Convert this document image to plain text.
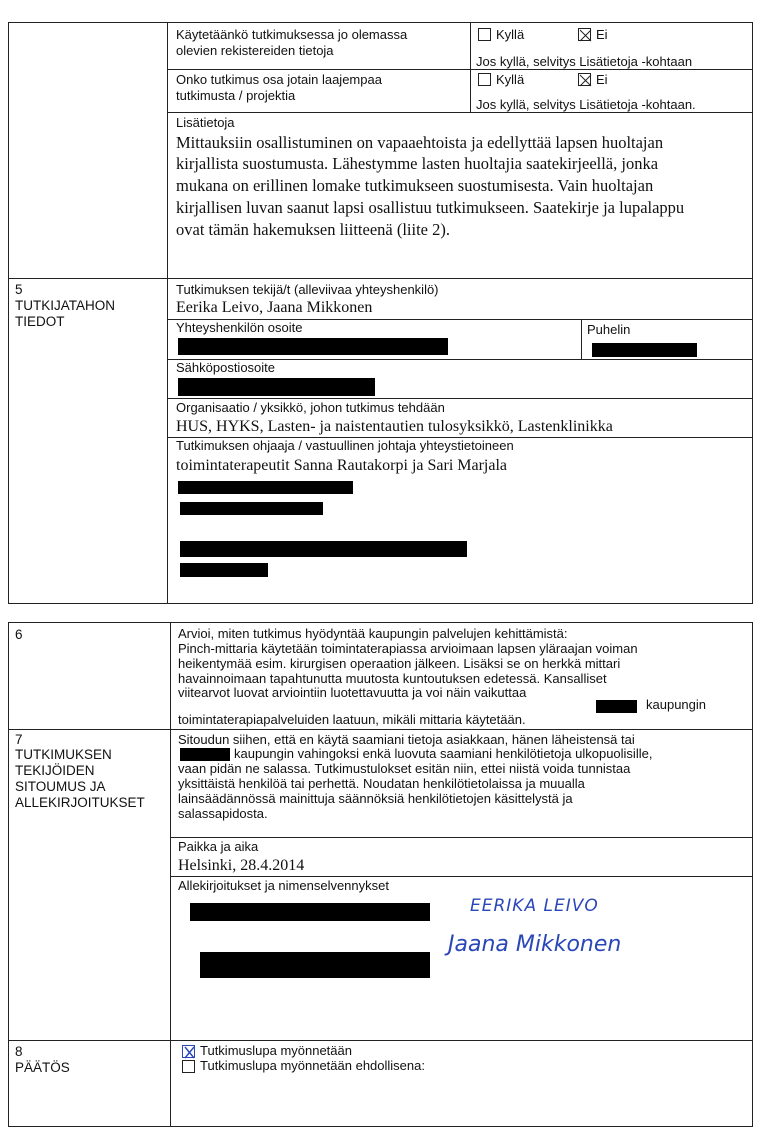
Käytetäänkö tutkimuksessa jo olemassa
olevien rekistereiden tietoja
Kyllä	Ei
Jos kyllä, selvitys Lisätietoja -kohtaan
Onko tutkimus osa jotain laajempaa
tutkimusta / projektia
Kyllä	Ei
Jos kyllä, selvitys Lisätietoja -kohtaan.
Lisätietoja
Mittauksiin osallistuminen on vapaaehtoista ja edellyttää lapsen huoltajan
kirjallista suostumusta. Lähestymme lasten huoltajia saatekirjeellä, jonka
mukana on erillinen lomake tutkimukseen suostumisesta. Vain huoltajan
kirjallisen luvan saanut lapsi osallistuu tutkimukseen. Saatekirje ja lupalappu
ovat tämän hakemuksen liitteenä (liite 2).
5
TUTKIJATAHON
TIEDOT
Tutkimuksen tekijä/t (alleviivaa yhteyshenkilö)
Eerika Leivo, Jaana Mikkonen
Yhteyshenkilön osoite	Puhelin
Sähköpostiosoite
Organisaatio / yksikkö, johon tutkimus tehdään
HUS, HYKS, Lasten- ja naistentautien tulosyksikkö, Lastenklinikka
Tutkimuksen ohjaaja / vastuullinen johtaja yhteystietoineen
toimintaterapeutit Sanna Rautakorpi ja Sari Marjala
6	Arvioi, miten tutkimus hyödyntää kaupungin palvelujen kehittämistä:
Pinch-mittaria käytetään toimintaterapiassa arvioimaan lapsen yläraajan voiman
heikentymää esim. kirurgisen operaation jälkeen. Lisäksi se on herkkä mittari
havainnoimaan tapahtunutta muutosta kuntoutuksen edetessä. Kansalliset
viitearvot luovat arviointiin luotettavuutta ja voi näin vaikuttaa
kaupungin
toimintaterapiapalveluiden laatuun, mikäli mittaria käytetään.
7
TUTKIMUKSEN
TEKIJÖIDEN
SITOUMUS JA
ALLEKIRJOITUKSET
Sitoudun siihen, että en käytä saamiani tietoja asiakkaan, hänen läheistensä tai
kaupungin vahingoksi enkä luovuta saamiani henkilötietoja ulkopuolisille,
vaan pidän ne salassa. Tutkimustulokset esitän niin, ettei niistä voida tunnistaa
yksittäistä henkilöä tai perhettä. Noudatan henkilötietolaissa ja muualla
lainsäädännössä mainittuja säännöksiä henkilötietojen käsittelystä ja
salassapidosta.
Paikka ja aika
Helsinki, 28.4.2014
Allekirjoitukset ja nimenselvennykset
EERIKA LEIVO
Jaana Mikkonen
8
PÄÄTÖS
Tutkimuslupa myönnetään
Tutkimuslupa myönnetään ehdollisena:
